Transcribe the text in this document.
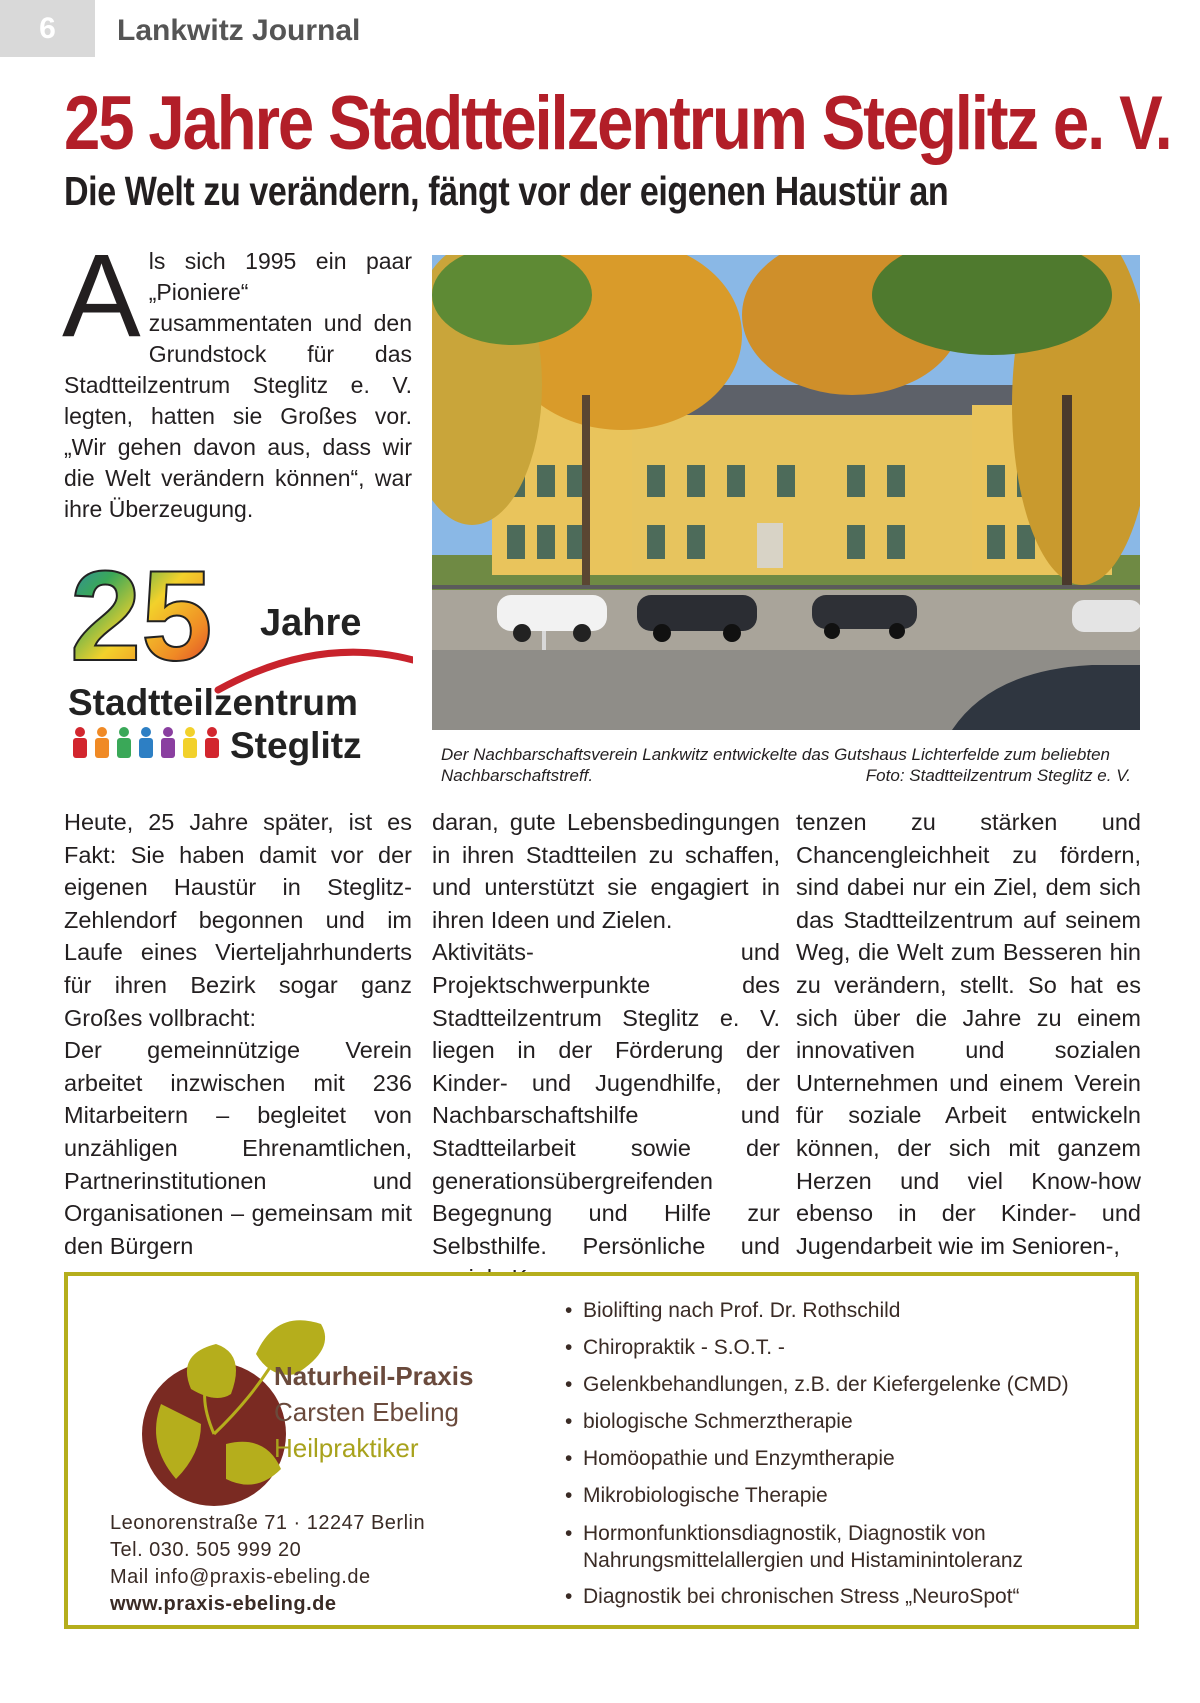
6	Lankwitz Journal
25 Jahre Stadtteilzentrum Steglitz e. V.
Die Welt zu verändern, fängt vor der eigenen Haustür an
Als sich 1995 ein paar „Pioniere“ zusammentaten und den Grundstock für das Stadtteilzentrum Steglitz e. V. legten, hatten sie Großes vor. „Wir gehen davon aus, dass wir die Welt verändern können“, war ihre Überzeugung.
25 Jahre
Stadtteilzentrum
Steglitz	Der Nachbarschaftsverein Lankwitz entwickelte das Gutshaus Lichterfelde zum beliebten Nachbarschaftstreff.	Foto: Stadtteilzentrum Steglitz e. V.

Heute, 25 Jahre später, ist es Fakt: Sie haben damit vor der eigenen Haustür in Steglitz-Zehlendorf begonnen und im Laufe eines Vierteljahrhunderts für ihren Bezirk sogar ganz Großes vollbracht:

Der gemeinnützige Verein arbeitet inzwischen mit 236 Mitarbeitern – begleitet von unzähligen Ehrenamtlichen, Partnerinstitutionen und Organisationen – gemeinsam mit den Bürgern

daran, gute Lebensbedingungen in ihren Stadtteilen zu schaffen, und unterstützt sie engagiert in ihren Ideen und Zielen.

Aktivitäts- und Projektschwerpunkte des Stadtteilzentrum Steglitz e. V. liegen in der Förderung der Kinder- und Jugendhilfe, der Nachbarschaftshilfe und Stadtteilarbeit sowie der generationsübergreifenden Begegnung und Hilfe zur Selbsthilfe. Persönliche und

tenzen zu stärken und Chancengleichheit zu fördern, sind dabei nur ein Ziel, dem sich das Stadtteilzentrum auf seinem Weg, die Welt zum Besseren hin zu verändern, stellt. So hat es sich über die Jahre zu einem innovativen und sozialen Unternehmen und einem Verein für soziale Arbeit entwickeln können, der sich mit ganzem Herzen und viel Know-how ebenso in der Kinder- und Jugendarbeit wie im Senioren-,

Naturheil-Praxis
Carsten Ebeling
Heilpraktiker
Leonorenstraße 71 · 12247 Berlin
Tel. 030. 505 999 20
Mail info@praxis-ebeling.de
www.praxis-ebeling.de
• Biolifting nach Prof. Dr. Rothschild
• Chiropraktik - S.O.T. -
• Gelenkbehandlungen, z.B. der Kiefergelenke (CMD)
• biologische Schmerztherapie
• Homöopathie und Enzymtherapie
• Mikrobiologische Therapie
• Hormonfunktionsdiagnostik, Diagnostik von Nahrungsmittelallergien und Histaminintoleranz
• Diagnostik bei chronischen Stress „NeuroSpot“
